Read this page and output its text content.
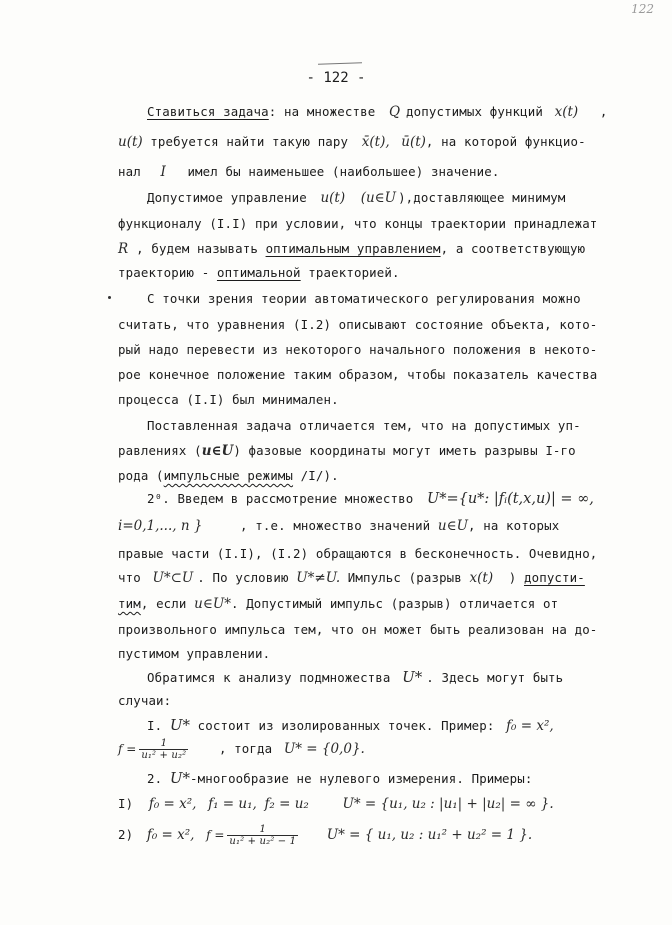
122
- 122 -
Ставиться задача: на множестве Q допустимых функций x(t) ,
u(t) требуется найти такую пару x̄(t), ū(t), на которой функцио-
нал I имел бы наименьшее (наибольшее) значение.
Допустимое управление u(t) (u∈U ),доставляющее минимум
функционалу (I.I) при условии, что концы траектории принадлежат
R , будем называть оптимальным управлением, а соответствующую
траекторию - оптимальной траекторией.
С точки зрения теории автоматического регулирования можно
считать, что уравнения (I.2) описывают состояние объекта, кото-
рый надо перевести из некоторого начального положения в некото-
рое конечное положение таким образом, чтобы показатель качества
процесса (I.I) был минимален.
Поставленная задача отличается тем, что на допустимых уп-
равлениях (u∈U) фазовые координаты могут иметь разрывы I-го
рода (импульсные режимы /I/).
2⁰. Введем в рассмотрение множество U*={u*: |fᵢ(t,x,u)| = ∞,
i=0,1,..., n }	, т.е. множество значений u∈U, на которых
правые части (I.I), (I.2) обращаются в бесконечность. Очевидно,
что U*⊂U . По условию U*≠U. Импульс (разрыв x(t) ) допусти-
тим, если u∈U*. Допустимый импульс (разрыв) отличается от
произвольного импульса тем, что он может быть реализован на до-
пустимом управлении.
Обратимся к анализу подмножества U* . Здесь могут быть
случаи:
I. U* состоит из изолированных точек. Пример: f₀ = x²,
$f = \frac{1}{\text{u₁² + u₂²}}$ , тогда U* = {0,0}.
2. U*-многообразие не нулевого измерения. Примеры:
I) f₀ = x², f₁ = u₁, f₂ = u₂ U* = {u₁, u₂ : |u₁| + |u₂| = ∞ }.
2) f₀ = x², $f = \frac{1}{\text{u₁² + u₂² − 1}} U*$ = { u₁, u₂ : u₁² + u₂² = 1 }.
